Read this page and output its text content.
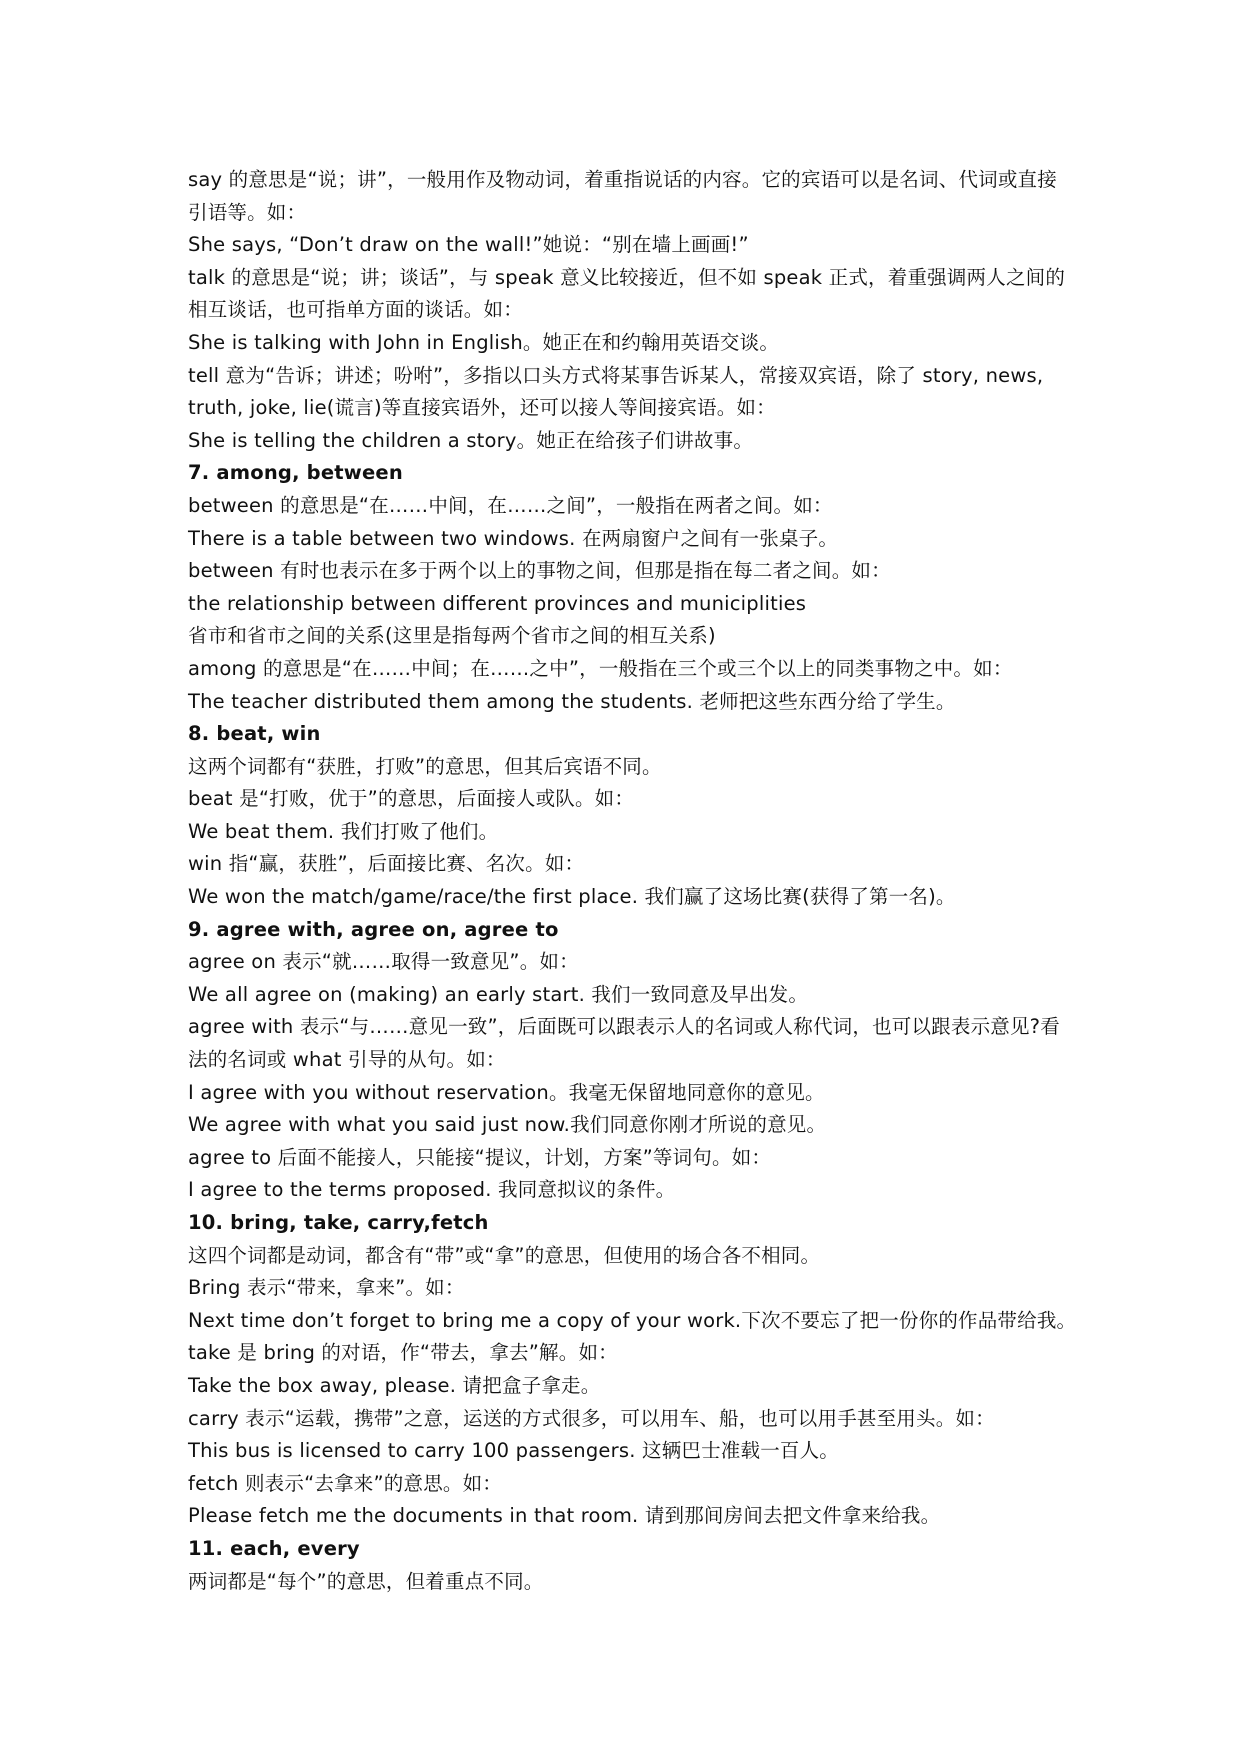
say 的意思是“说；讲”，一般用作及物动词，着重指说话的内容。它的宾语可以是名词、代词或直接
引语等。如：
She says, “Don’t draw on the wall!”她说：“别在墙上画画!”
talk 的意思是“说；讲；谈话”，与 speak 意义比较接近，但不如 speak 正式，着重强调两人之间的
相互谈话，也可指单方面的谈话。如：
She is talking with John in English。她正在和约翰用英语交谈。
tell 意为“告诉；讲述；吩咐”，多指以口头方式将某事告诉某人，常接双宾语，除了 story, news,
truth, joke, lie(谎言)等直接宾语外，还可以接人等间接宾语。如：
She is telling the children a story。她正在给孩子们讲故事。
7. among, between
between 的意思是“在……中间，在……之间”，一般指在两者之间。如：
There is a table between two windows. 在两扇窗户之间有一张桌子。
between 有时也表示在多于两个以上的事物之间，但那是指在每二者之间。如：
the relationship between different provinces and municiplities
省市和省市之间的关系(这里是指每两个省市之间的相互关系)
among 的意思是“在……中间；在……之中”，一般指在三个或三个以上的同类事物之中。如：
The teacher distributed them among the students. 老师把这些东西分给了学生。
8. beat, win
这两个词都有“获胜，打败”的意思，但其后宾语不同。
beat 是“打败，优于”的意思，后面接人或队。如：
We beat them. 我们打败了他们。
win 指“赢，获胜”，后面接比赛、名次。如：
We won the match/game/race/the first place. 我们赢了这场比赛(获得了第一名)。
9. agree with, agree on, agree to
agree on 表示“就……取得一致意见”。如：
We all agree on (making) an early start. 我们一致同意及早出发。
agree with 表示“与……意见一致”，后面既可以跟表示人的名词或人称代词，也可以跟表示意见?看
法的名词或 what 引导的从句。如：
I agree with you without reservation。我毫无保留地同意你的意见。
We agree with what you said just now.我们同意你刚才所说的意见。
agree to 后面不能接人，只能接“提议，计划，方案”等词句。如：
I agree to the terms proposed. 我同意拟议的条件。
10. bring, take, carry,fetch
这四个词都是动词，都含有“带”或“拿”的意思，但使用的场合各不相同。
Bring 表示“带来，拿来”。如：
Next time don’t forget to bring me a copy of your work.下次不要忘了把一份你的作品带给我。
take 是 bring 的对语，作“带去，拿去”解。如：
Take the box away, please. 请把盒子拿走。
carry 表示“运载，携带”之意，运送的方式很多，可以用车、船，也可以用手甚至用头。如：
This bus is licensed to carry 100 passengers. 这辆巴士准载一百人。
fetch 则表示“去拿来”的意思。如：
Please fetch me the documents in that room. 请到那间房间去把文件拿来给我。
11. each, every
两词都是“每个”的意思，但着重点不同。
